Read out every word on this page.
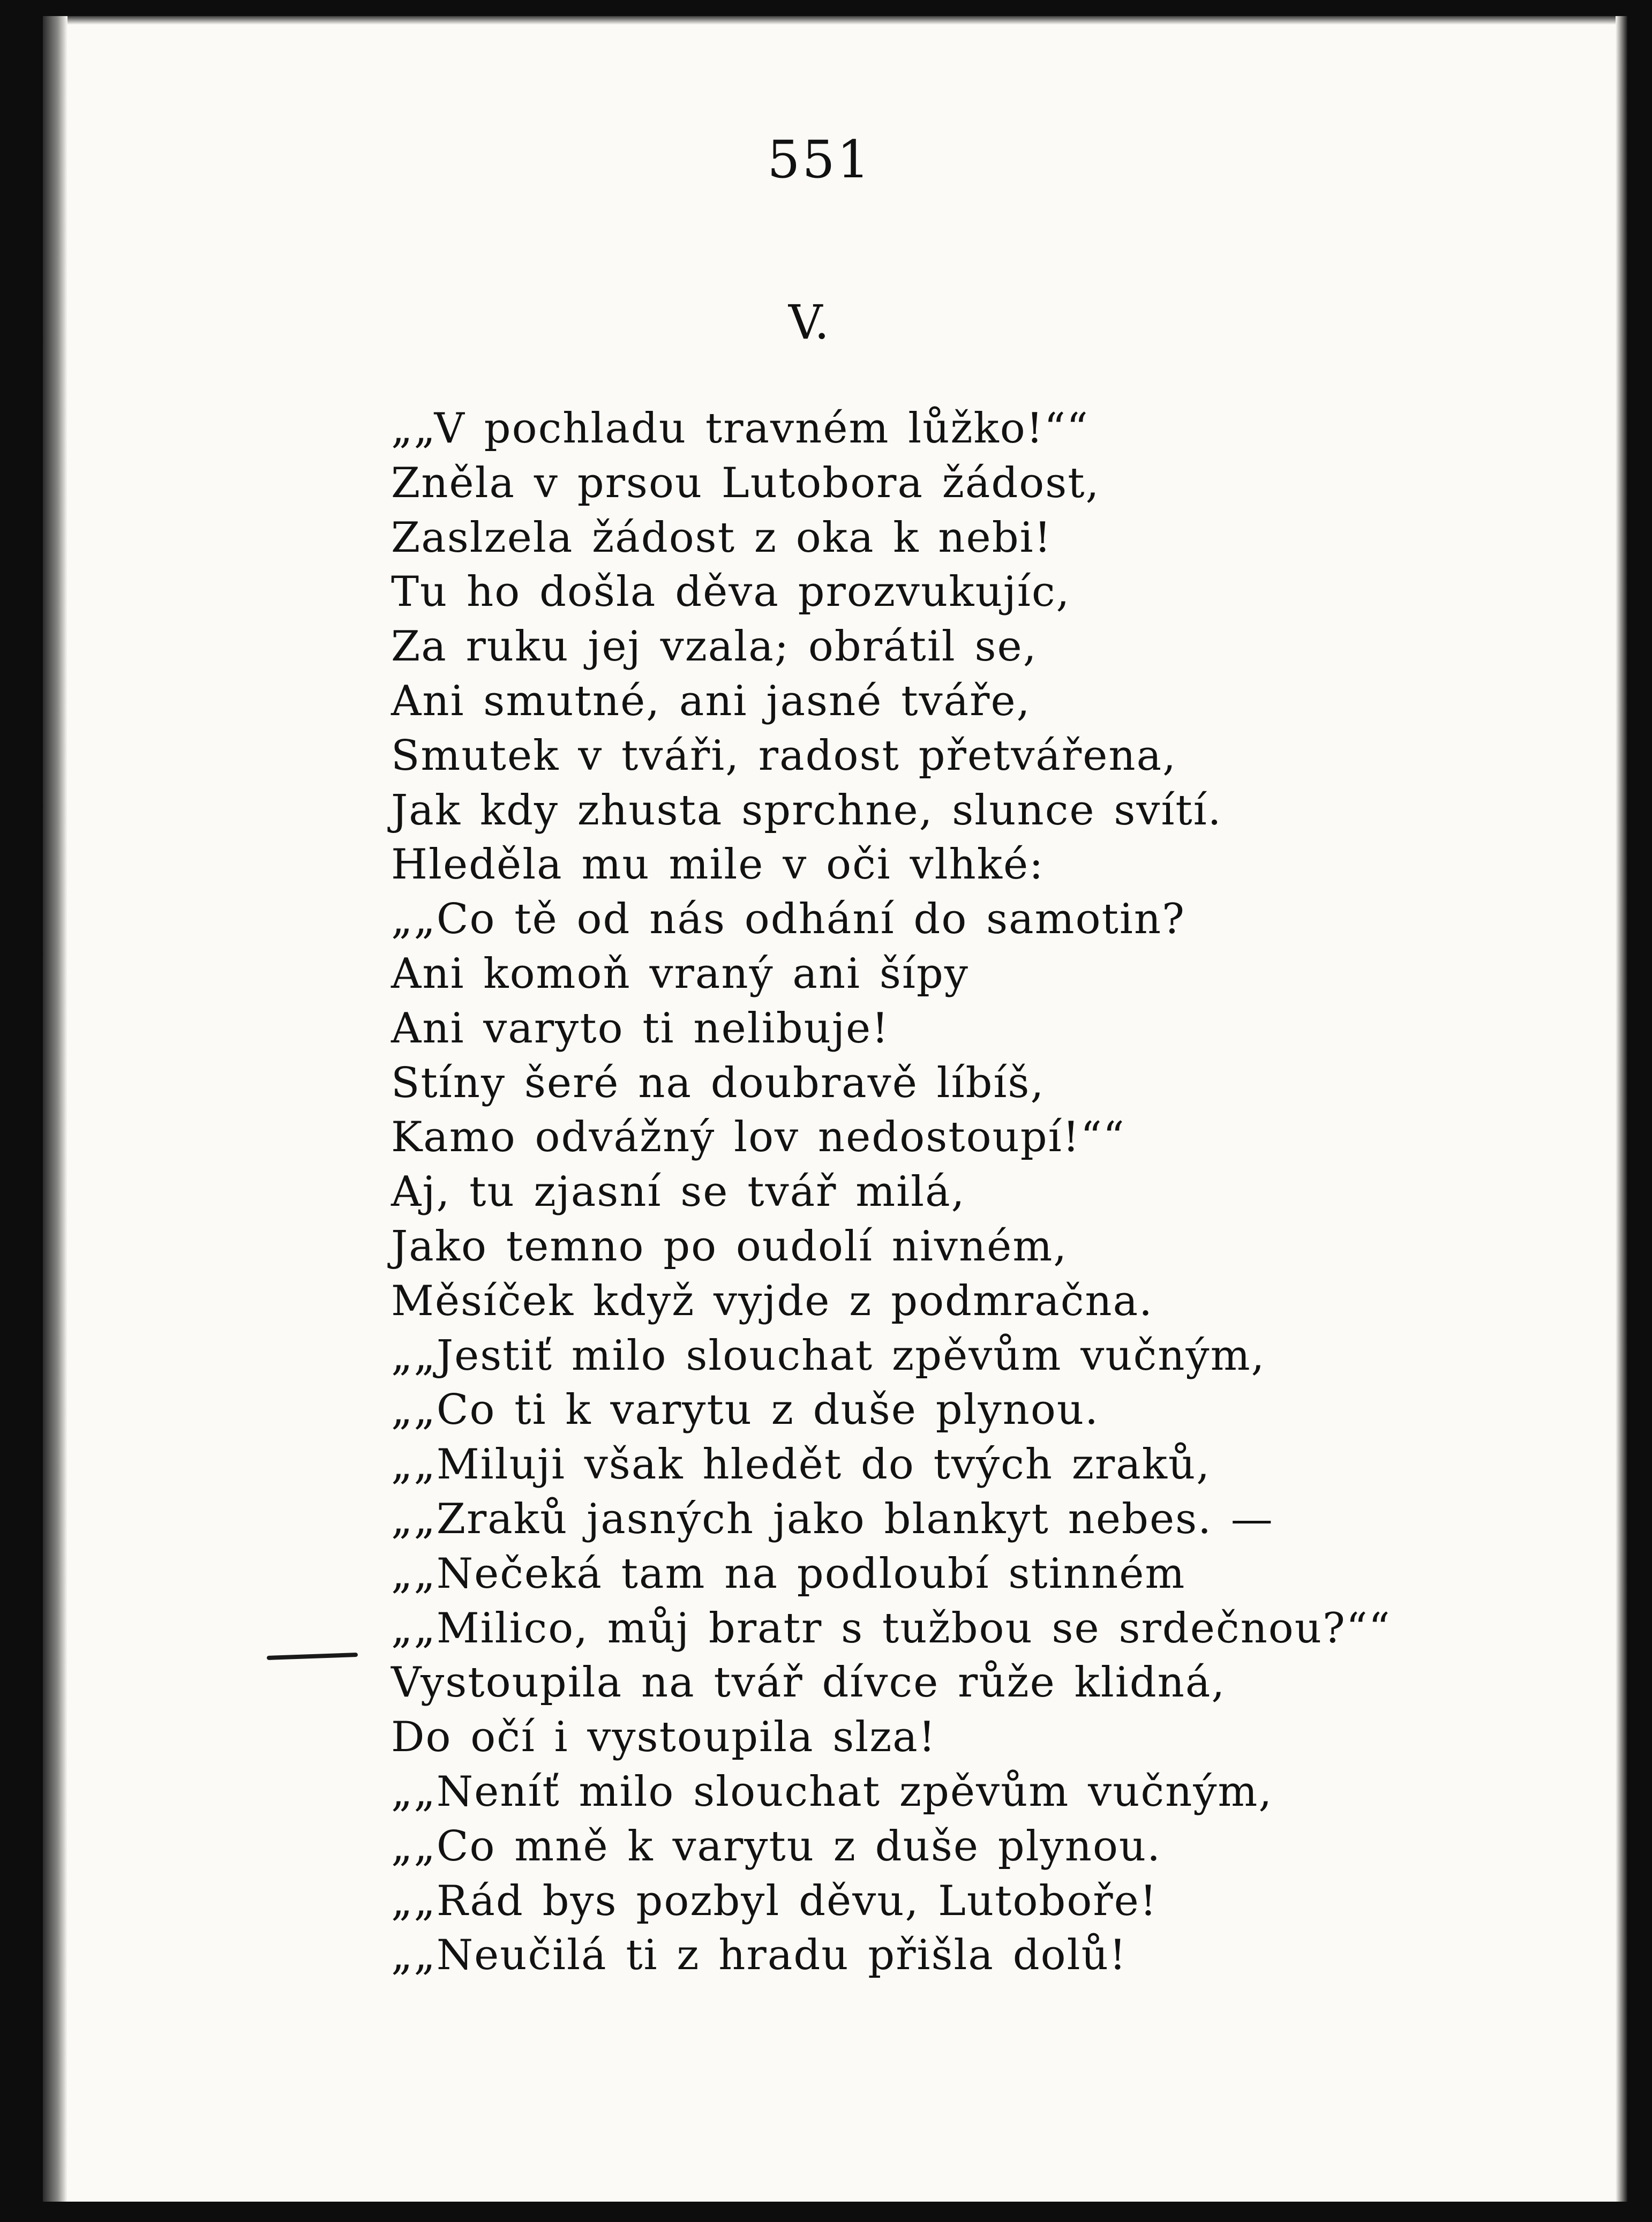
551
V.
„„V pochladu travném lůžko!““
Zněla v prsou Lutobora žádost,
Zaslzela žádost z oka k nebi!
Tu ho došla děva prozvukujíc,
Za ruku jej vzala; obrátil se,
Ani smutné, ani jasné tváře,
Smutek v tváři, radost přetvářena,
Jak kdy zhusta sprchne, slunce svítí.
Hleděla mu mile v oči vlhké:
„„Co tě od nás odhání do samotin?
Ani komoň vraný ani šípy
Ani varyto ti nelibuje!
Stíny šeré na doubravě líbíš,
Kamo odvážný lov nedostoupí!““
Aj, tu zjasní se tvář milá,
Jako temno po oudolí nivném,
Měsíček když vyjde z podmračna.
„„Jestiť milo slouchat zpěvům vučným,
„„Co ti k varytu z duše plynou.
„„Miluji však hledět do tvých zraků,
„„Zraků jasných jako blankyt nebes. —
„„Nečeká tam na podloubí stinném
„„Milico, můj bratr s tužbou se srdečnou?““
Vystoupila na tvář dívce růže klidná,
Do očí i vystoupila slza!
„„Neníť milo slouchat zpěvům vučným,
„„Co mně k varytu z duše plynou.
„„Rád bys pozbyl děvu, Lutoboře!
„„Neučilá ti z hradu přišla dolů!
